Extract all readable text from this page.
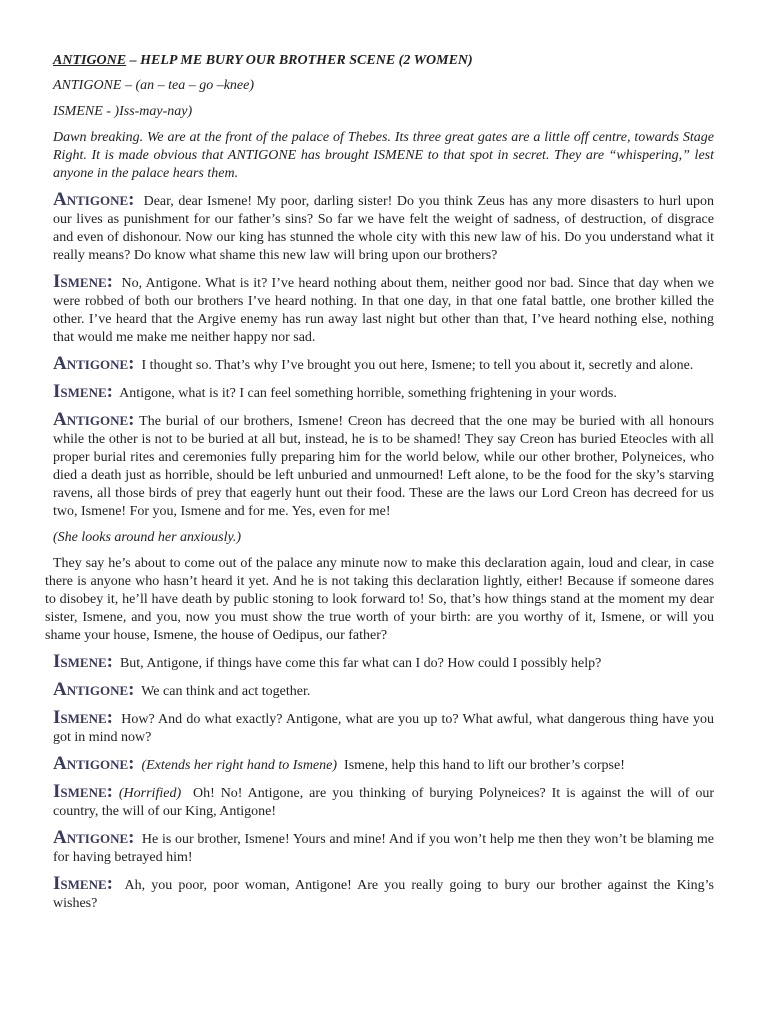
ANTIGONE – HELP ME BURY OUR BROTHER SCENE (2 WOMEN)

ANTIGONE – (an – tea – go –knee)

ISMENE - )Iss-may-nay)

Dawn breaking. We are at the front of the palace of Thebes. Its three great gates are a little off centre, towards Stage Right. It is made obvious that ANTIGONE has brought ISMENE to that spot in secret. They are “whispering,” lest anyone in the palace hears them.

Antigone: Dear, dear Ismene! My poor, darling sister! Do you think Zeus has any more disasters to hurl upon our lives as punishment for our father’s sins? So far we have felt the weight of sadness, of destruction, of disgrace and even of dishonour. Now our king has stunned the whole city with this new law of his. Do you understand what it really means? Do know what shame this new law will bring upon our brothers?

Ismene: No, Antigone. What is it? I’ve heard nothing about them, neither good nor bad. Since that day when we were robbed of both our brothers I’ve heard nothing. In that one day, in that one fatal battle, one brother killed the other. I’ve heard that the Argive enemy has run away last night but other than that, I’ve heard nothing else, nothing that would me make me neither happy nor sad.

Antigone: I thought so. That’s why I’ve brought you out here, Ismene; to tell you about it, secretly and alone.

Ismene: Antigone, what is it? I can feel something horrible, something frightening in your words.

Antigone: The burial of our brothers, Ismene! Creon has decreed that the one may be buried with all honours while the other is not to be buried at all but, instead, he is to be shamed! They say Creon has buried Eteocles with all proper burial rites and ceremonies fully preparing him for the world below, while our other brother, Polyneices, who died a death just as horrible, should be left unburied and unmourned! Left alone, to be the food for the sky’s starving ravens, all those birds of prey that eagerly hunt out their food. These are the laws our Lord Creon has decreed for us two, Ismene! For you, Ismene and for me. Yes, even for me!

(She looks around her anxiously.)

They say he’s about to come out of the palace any minute now to make this declaration again, loud and clear, in case there is anyone who hasn’t heard it yet. And he is not taking this declaration lightly, either! Because if someone dares to disobey it, he’ll have death by public stoning to look forward to! So, that’s how things stand at the moment my dear sister, Ismene, and you, now you must show the true worth of your birth: are you worthy of it, Ismene, or will you shame your house, Ismene, the house of Oedipus, our father?

Ismene: But, Antigone, if things have come this far what can I do? How could I possibly help?

Antigone: We can think and act together.

Ismene: How? And do what exactly? Antigone, what are you up to? What awful, what dangerous thing have you got in mind now?

Antigone: (Extends her right hand to Ismene) Ismene, help this hand to lift our brother’s corpse!

Ismene: (Horrified) Oh! No! Antigone, are you thinking of burying Polyneices? It is against the will of our country, the will of our King, Antigone!

Antigone: He is our brother, Ismene! Yours and mine! And if you won’t help me then they won’t be blaming me for having betrayed him!

Ismene: Ah, you poor, poor woman, Antigone! Are you really going to bury our brother against the King’s wishes?
